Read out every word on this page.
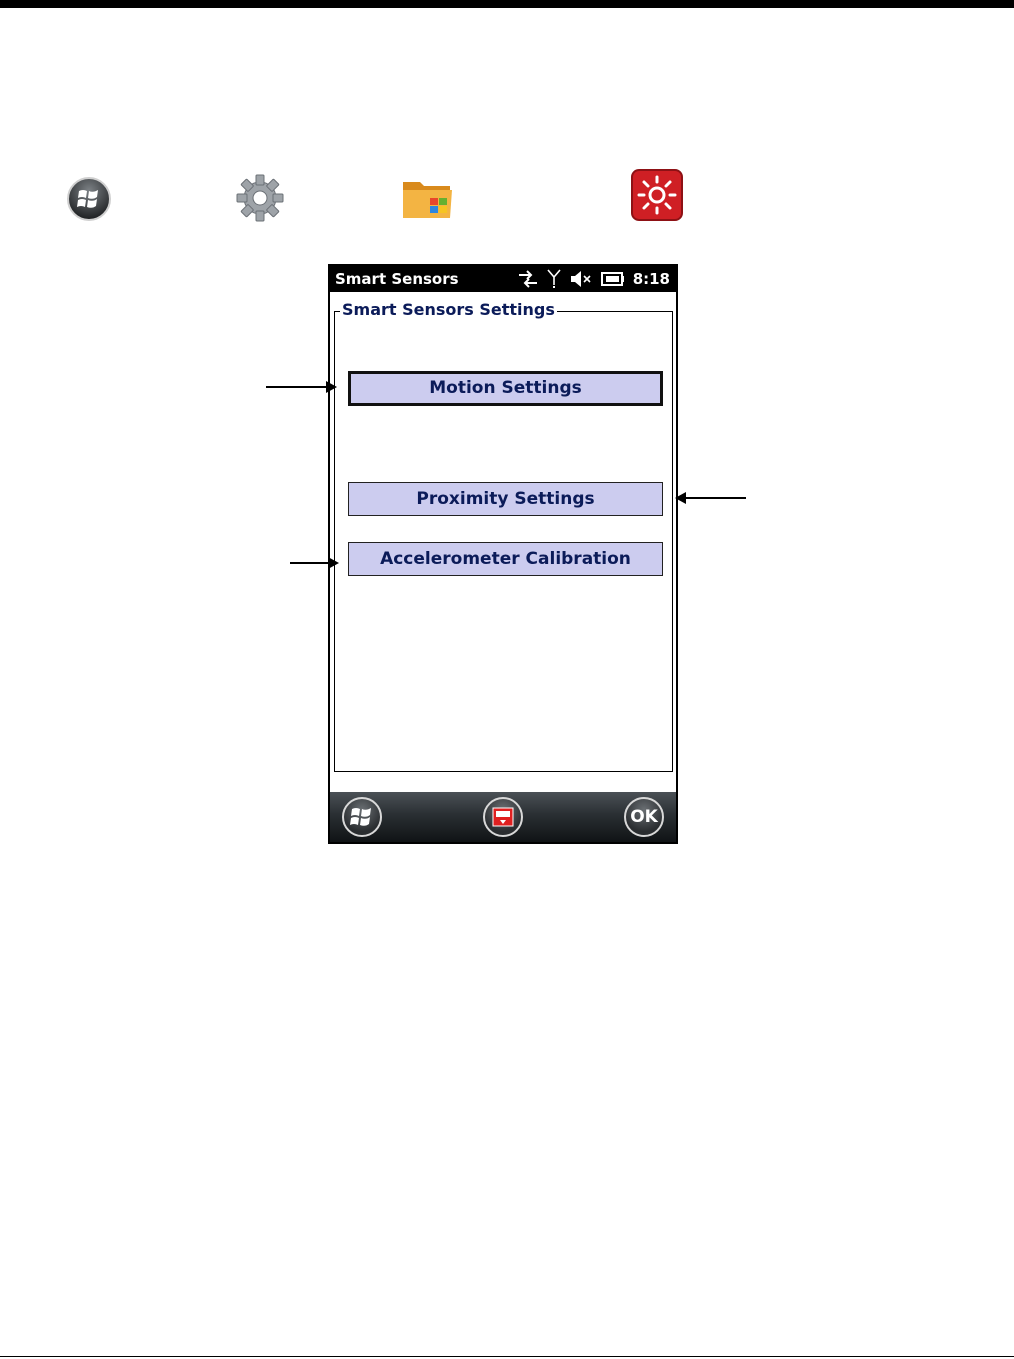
Smart Sensors	8:18
Smart Sensors Settings
Motion Settings
Proximity Settings
Accelerometer Calibration
OK
